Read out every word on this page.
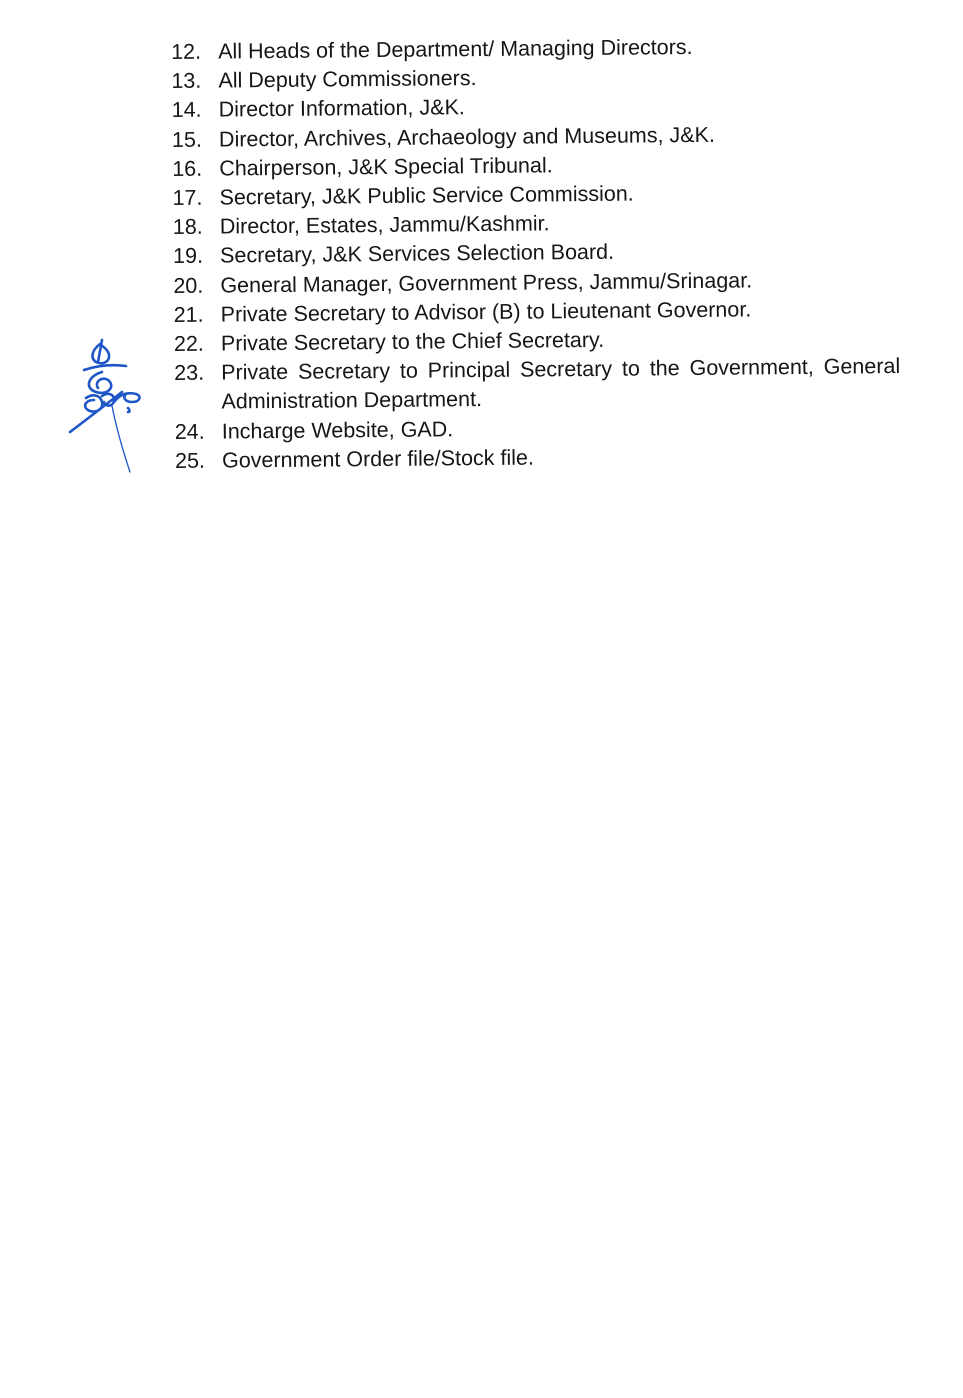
12. All Heads of the Department/ Managing Directors.
13. All Deputy Commissioners.
14. Director Information, J&K.
15. Director, Archives, Archaeology and Museums, J&K.
16. Chairperson, J&K Special Tribunal.
17. Secretary, J&K Public Service Commission.
18. Director, Estates, Jammu/Kashmir.
19. Secretary, J&K Services Selection Board.
20. General Manager, Government Press, Jammu/Srinagar.
21. Private Secretary to Advisor (B) to Lieutenant Governor.
22. Private Secretary to the Chief Secretary.
23. Private Secretary to Principal Secretary to the Government, General Administration Department.
24. Incharge Website, GAD.
25. Government Order file/Stock file.
